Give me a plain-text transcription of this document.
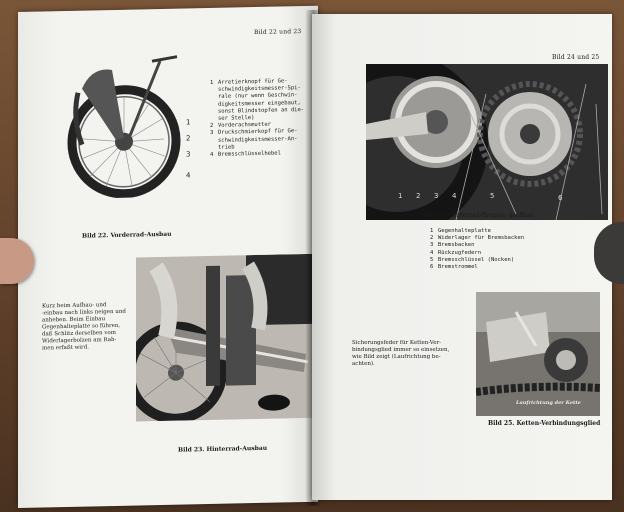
Bild 22 und 23
1
2
3
4
1 Arretierknopf für Ge-
schwindigkeitsmesser-Spi-
rale (nur wenn Geschwin-
digkeitsmesser eingebaut,
sonst Blindstopfen an die-
ser Stelle)
2 Vorderachsmutter
3 Druckschmierkopf für Ge-
schwindigkeitsmesser-An-
trieb
4 Bremsschlüsselhebel
Bild 22. Vorderrad-Ausbau
Kurz beim Aufbau- und
-einbau nach links neigen und
anheben. Beim Einbau
Gegenhalteplatte so führen,
daß Schlitz derselben vom
Widerlagerbolzen am Rah-
men erfaßt wird.
Bild 23. Hinterrad-Ausbau
Bild 24 und 25
1 2 3 4	5	6
Bild 24. Hinterrad-Bremse, geöffnet
1 Gegenhalteplatte
2 Widerlager für Bremsbacken
3 Bremsbacken
4 Rückzugfedern
5 Bremsschlüssel (Nocken)
6 Bremstrommel
Sicherungsfeder für Ketten-Ver-
bindungsglied immer so einsetzen,
wie Bild zeigt (Laufrichtung be-
achten).
Laufrichtung der Kette
Bild 25. Ketten-Verbindungsglied
